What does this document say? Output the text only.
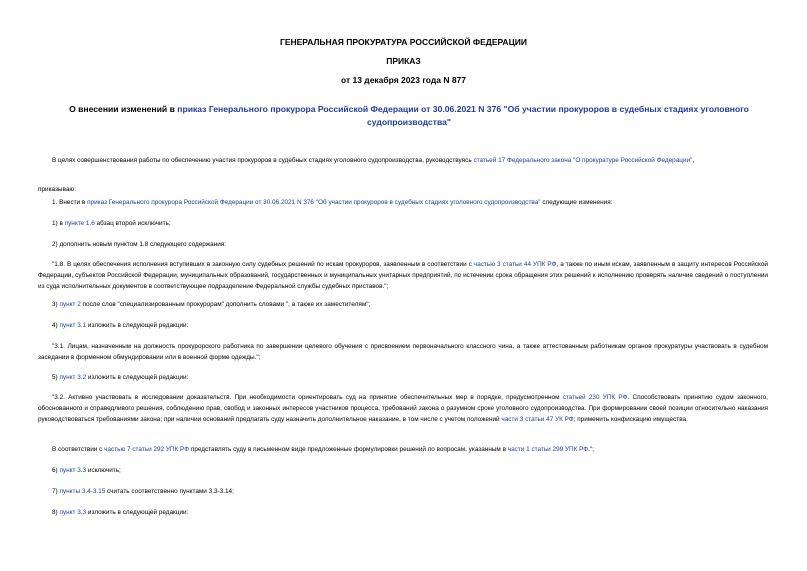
ГЕНЕРАЛЬНАЯ ПРОКУРАТУРА РОССИЙСКОЙ ФЕДЕРАЦИИ
ПРИКАЗ
от 13 декабря 2023 года N 877
О внесении изменений в приказ Генерального прокурора Российской Федерации от 30.06.2021 N 376 "Об участии прокуроров в судебных стадиях уголовного судопроизводства"
В целях совершенствования работы по обеспечению участия прокуроров в судебных стадиях уголовного судопроизводства, руководствуясь статьей 17 Федерального закона "О прокуратуре Российской Федерации",
приказываю:
1. Внести в приказ Генерального прокурора Российской Федерации от 30.06.2021 N 376 "Об участии прокуроров в судебных стадиях уголовного судопроизводства" следующие изменения:
1) в пункте 1.6 абзац второй исключить;
2) дополнить новым пунктом 1.8 следующего содержания:
"1.8. В целях обеспечения исполнения вступивших в законную силу судебных решений по искам прокуроров, заявленным в соответствии с частью 3 статьи 44 УПК РФ, а также по иным искам, заявленным в защиту интересов Российской Федерации, субъектов Российской Федерации, муниципальных образований, государственных и муниципальных унитарных предприятий, по истечении срока обращения этих решений к исполнению проверять наличие сведений о поступлении из суда исполнительных документов в соответствующее подразделение Федеральной службы судебных приставов.";
3) пункт 2 после слов "специализированным прокурорам" дополнить словами ", а также их заместителям";
4) пункт 3.1 изложить в следующей редакции:
"3.1. Лицам, назначенным на должность прокурорского работника по завершении целевого обучения с присвоением первоначального классного чина, а также аттестованным работникам органов прокуратуры участвовать в судебном заседании в форменном обмундировании или в военной форме одежды.";
5) пункт 3.2 изложить в следующей редакции:
"3.2. Активно участвовать в исследовании доказательств. При необходимости ориентировать суд на принятие обеспечительных мер в порядке, предусмотренном статьей 230 УПК РФ. Способствовать принятию судом законного, обоснованного и справедливого решения, соблюдению прав, свобод и законных интересов участников процесса, требований закона о разумном сроке уголовного судопроизводства. При формировании своей позиции относительно наказания руководствоваться требованиями закона; при наличии оснований предлагать суду назначить дополнительное наказание, в том числе с учетом положений части 3 статьи 47 УК РФ; применить конфискацию имущества.
В соответствии с частью 7 статьи 292 УПК РФ представлять суду в письменном виде предложенные формулировки решений по вопросам, указанным в части 1 статьи 299 УПК РФ.";
6) пункт 3.3 исключить;
7) пункты 3.4-3.15 считать соответственно пунктами 3.3-3.14;
8) пункт 3.3 изложить в следующей редакции:
